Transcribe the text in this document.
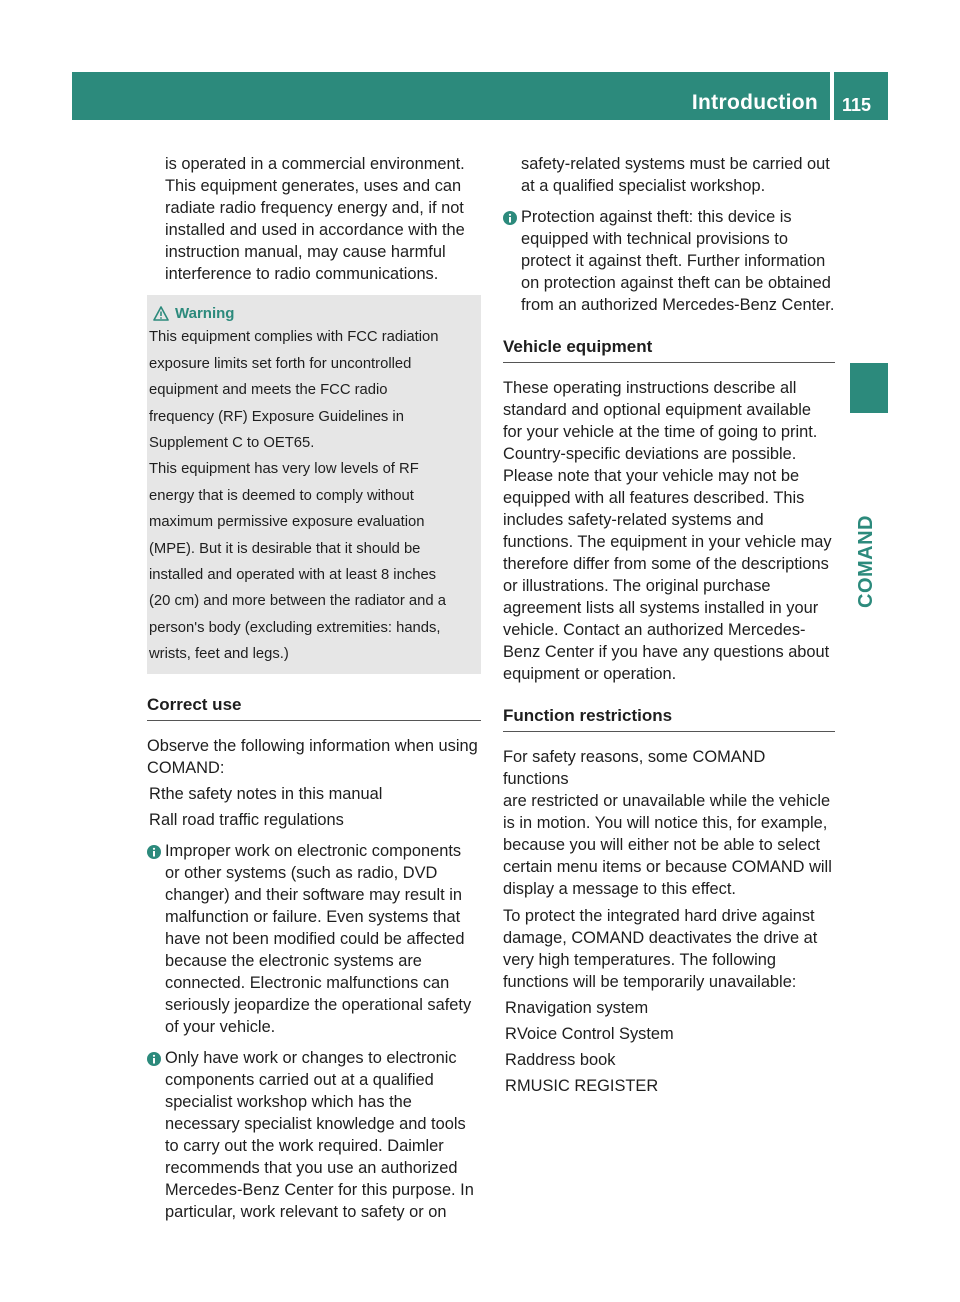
Introduction 115
COMAND

is operated in a commercial environment.

This equipment generates, uses and can

radiate radio frequency energy and, if not

installed and used in accordance with the

instruction manual, may cause harmful

interference to radio communications.

Warning

This equipment complies with FCC radiation

exposure limits set forth for uncontrolled

equipment and meets the FCC radio

frequency (RF) Exposure Guidelines in

Supplement C to OET65.

This equipment has very low levels of RF

energy that is deemed to comply without

maximum permissive exposure evaluation

(MPE). But it is desirable that it should be

installed and operated with at least 8 inches

(20 cm) and more between the radiator and a

person's body (excluding extremities: hands,

wrists, feet and legs.)

Correct use

Observe the following information when using

COMAND:

R the safety notes in this manual
R all road traffic regulations

Improper work on electronic components

or other systems (such as radio, DVD

changer) and their software may result in

malfunction or failure. Even systems that

have not been modified could be affected

because the electronic systems are

connected. Electronic malfunctions can

seriously jeopardize the operational safety

of your vehicle.

Only have work or changes to electronic

components carried out at a qualified

specialist workshop which has the

necessary specialist knowledge and tools

to carry out the work required. Daimler

recommends that you use an authorized

Mercedes-Benz Center for this purpose. In

particular, work relevant to safety or on

safety-related systems must be carried out

at a qualified specialist workshop.

Protection against theft: this device is

equipped with technical provisions to

protect it against theft. Further information

on protection against theft can be obtained

from an authorized Mercedes-Benz Center.

Vehicle equipment

These operating instructions describe all

standard and optional equipment available

for your vehicle at the time of going to print.

Country-specific deviations are possible.

Please note that your vehicle may not be

equipped with all features described. This

includes safety-related systems and

functions. The equipment in your vehicle may

therefore differ from some of the descriptions

or illustrations. The original purchase

agreement lists all systems installed in your

vehicle. Contact an authorized Mercedes-

Benz Center if you have any questions about

equipment or operation.

Function restrictions

For safety reasons, some COMAND functions

are restricted or unavailable while the vehicle

is in motion. You will notice this, for example,

because you will either not be able to select

certain menu items or because COMAND will

display a message to this effect.

To protect the integrated hard drive against

damage, COMAND deactivates the drive at

very high temperatures. The following

functions will be temporarily unavailable:

R navigation system
R Voice Control System
R address book
R MUSIC REGISTER
